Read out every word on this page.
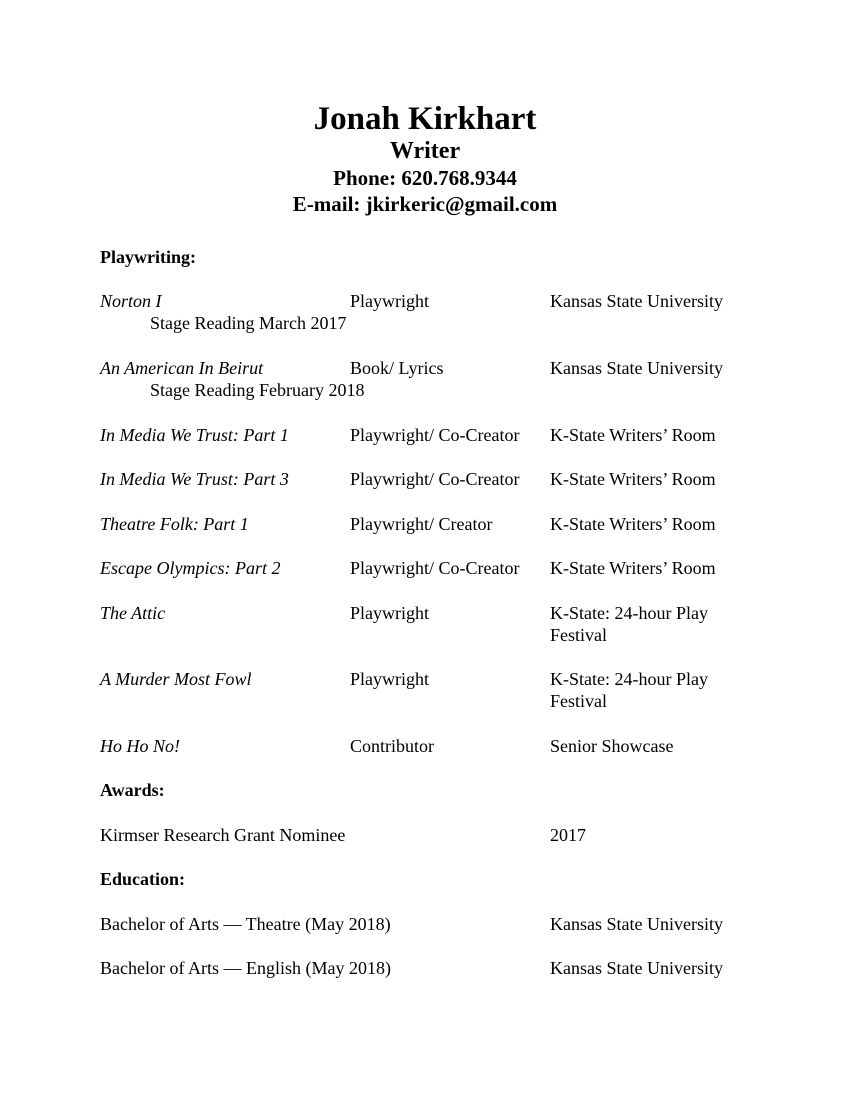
Jonah Kirkhart
Writer
Phone: 620.768.9344
E-mail: jkirkeric@gmail.com
Playwriting:
Norton I	Playwright	Kansas State University
Stage Reading March 2017
An American In Beirut	Book/ Lyrics	Kansas State University
Stage Reading February 2018
In Media We Trust: Part 1	Playwright/ Co-Creator	K-State Writers’ Room
In Media We Trust: Part 3	Playwright/ Co-Creator	K-State Writers’ Room
Theatre Folk: Part 1	Playwright/ Creator	K-State Writers’ Room
Escape Olympics: Part 2	Playwright/ Co-Creator	K-State Writers’ Room
The Attic	Playwright	K-State: 24-hour Play Festival
A Murder Most Fowl	Playwright	K-State: 24-hour Play Festival
Ho Ho No!	Contributor	Senior Showcase
Awards:
Kirmser Research Grant Nominee	2017
Education:
Bachelor of Arts — Theatre (May 2018)	Kansas State University
Bachelor of Arts — English (May 2018)	Kansas State University
